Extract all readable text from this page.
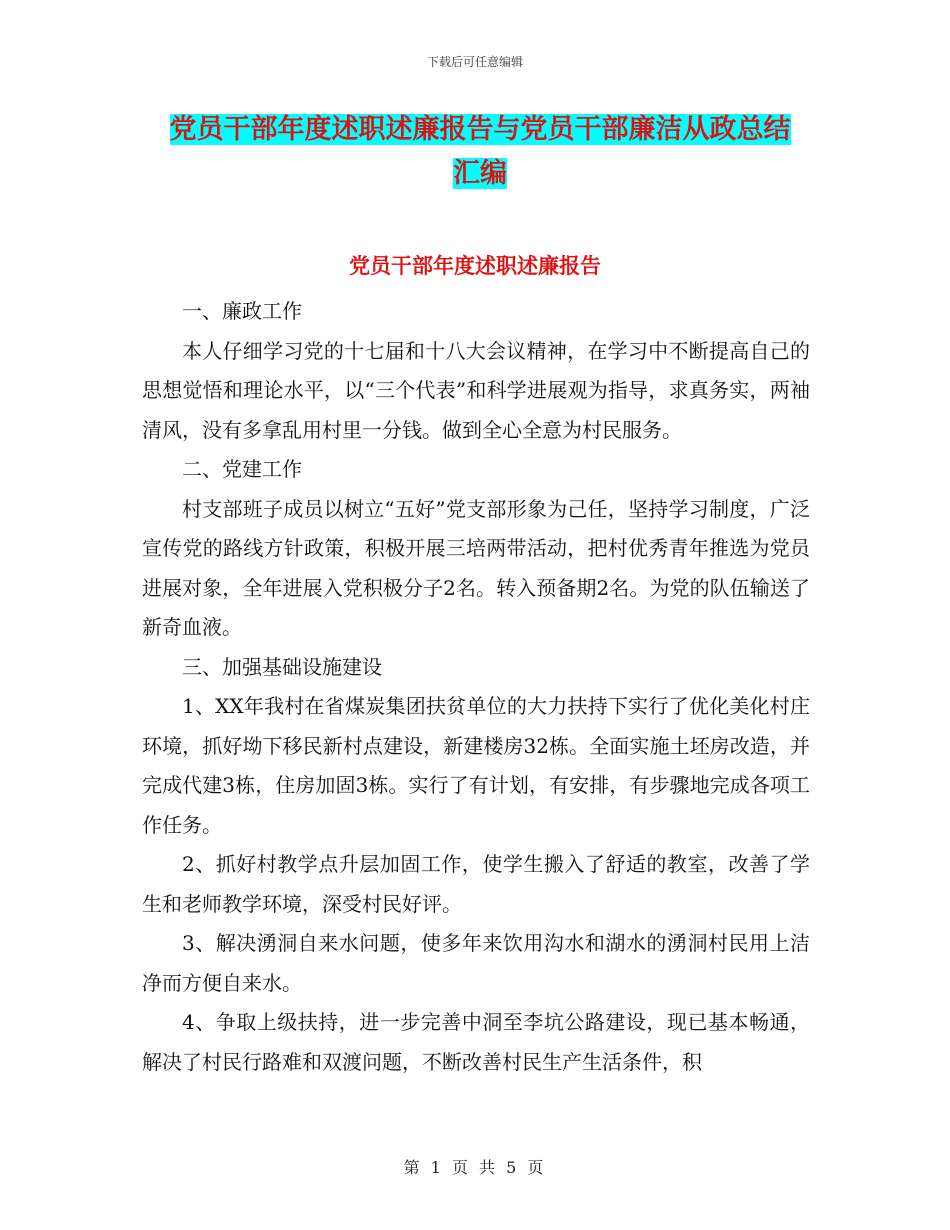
下载后可任意编辑
党员干部年度述职述廉报告与党员干部廉洁从政总结
汇编
党员干部年度述职述廉报告

一、廉政工作

本人仔细学习党的十七届和十八大会议精神，在学习中不断提高自己的思想觉悟和理论水平，以“三个代表”和科学进展观为指导，求真务实，两袖清风，没有多拿乱用村里一分钱。做到全心全意为村民服务。

二、党建工作

村支部班子成员以树立“五好”党支部形象为己任，坚持学习制度，广泛宣传党的路线方针政策，积极开展三培两带活动，把村优秀青年推选为党员进展对象，全年进展入党积极分子2名。转入预备期2名。为党的队伍输送了新奇血液。

三、加强基础设施建设

1、XX年我村在省煤炭集团扶贫单位的大力扶持下实行了优化美化村庄环境，抓好坳下移民新村点建设，新建楼房32栋。全面实施土坯房改造，并完成代建3栋，住房加固3栋。实行了有计划，有安排，有步骤地完成各项工作任务。

2、抓好村教学点升层加固工作，使学生搬入了舒适的教室，改善了学生和老师教学环境，深受村民好评。

3、解决湧洞自来水问题，使多年来饮用沟水和湖水的湧洞村民用上洁净而方便自来水。

4、争取上级扶持，进一步完善中洞至李坑公路建设，现已基本畅通，解决了村民行路难和双渡问题，不断改善村民生产生活条件，积

第 1 页 共 5 页
